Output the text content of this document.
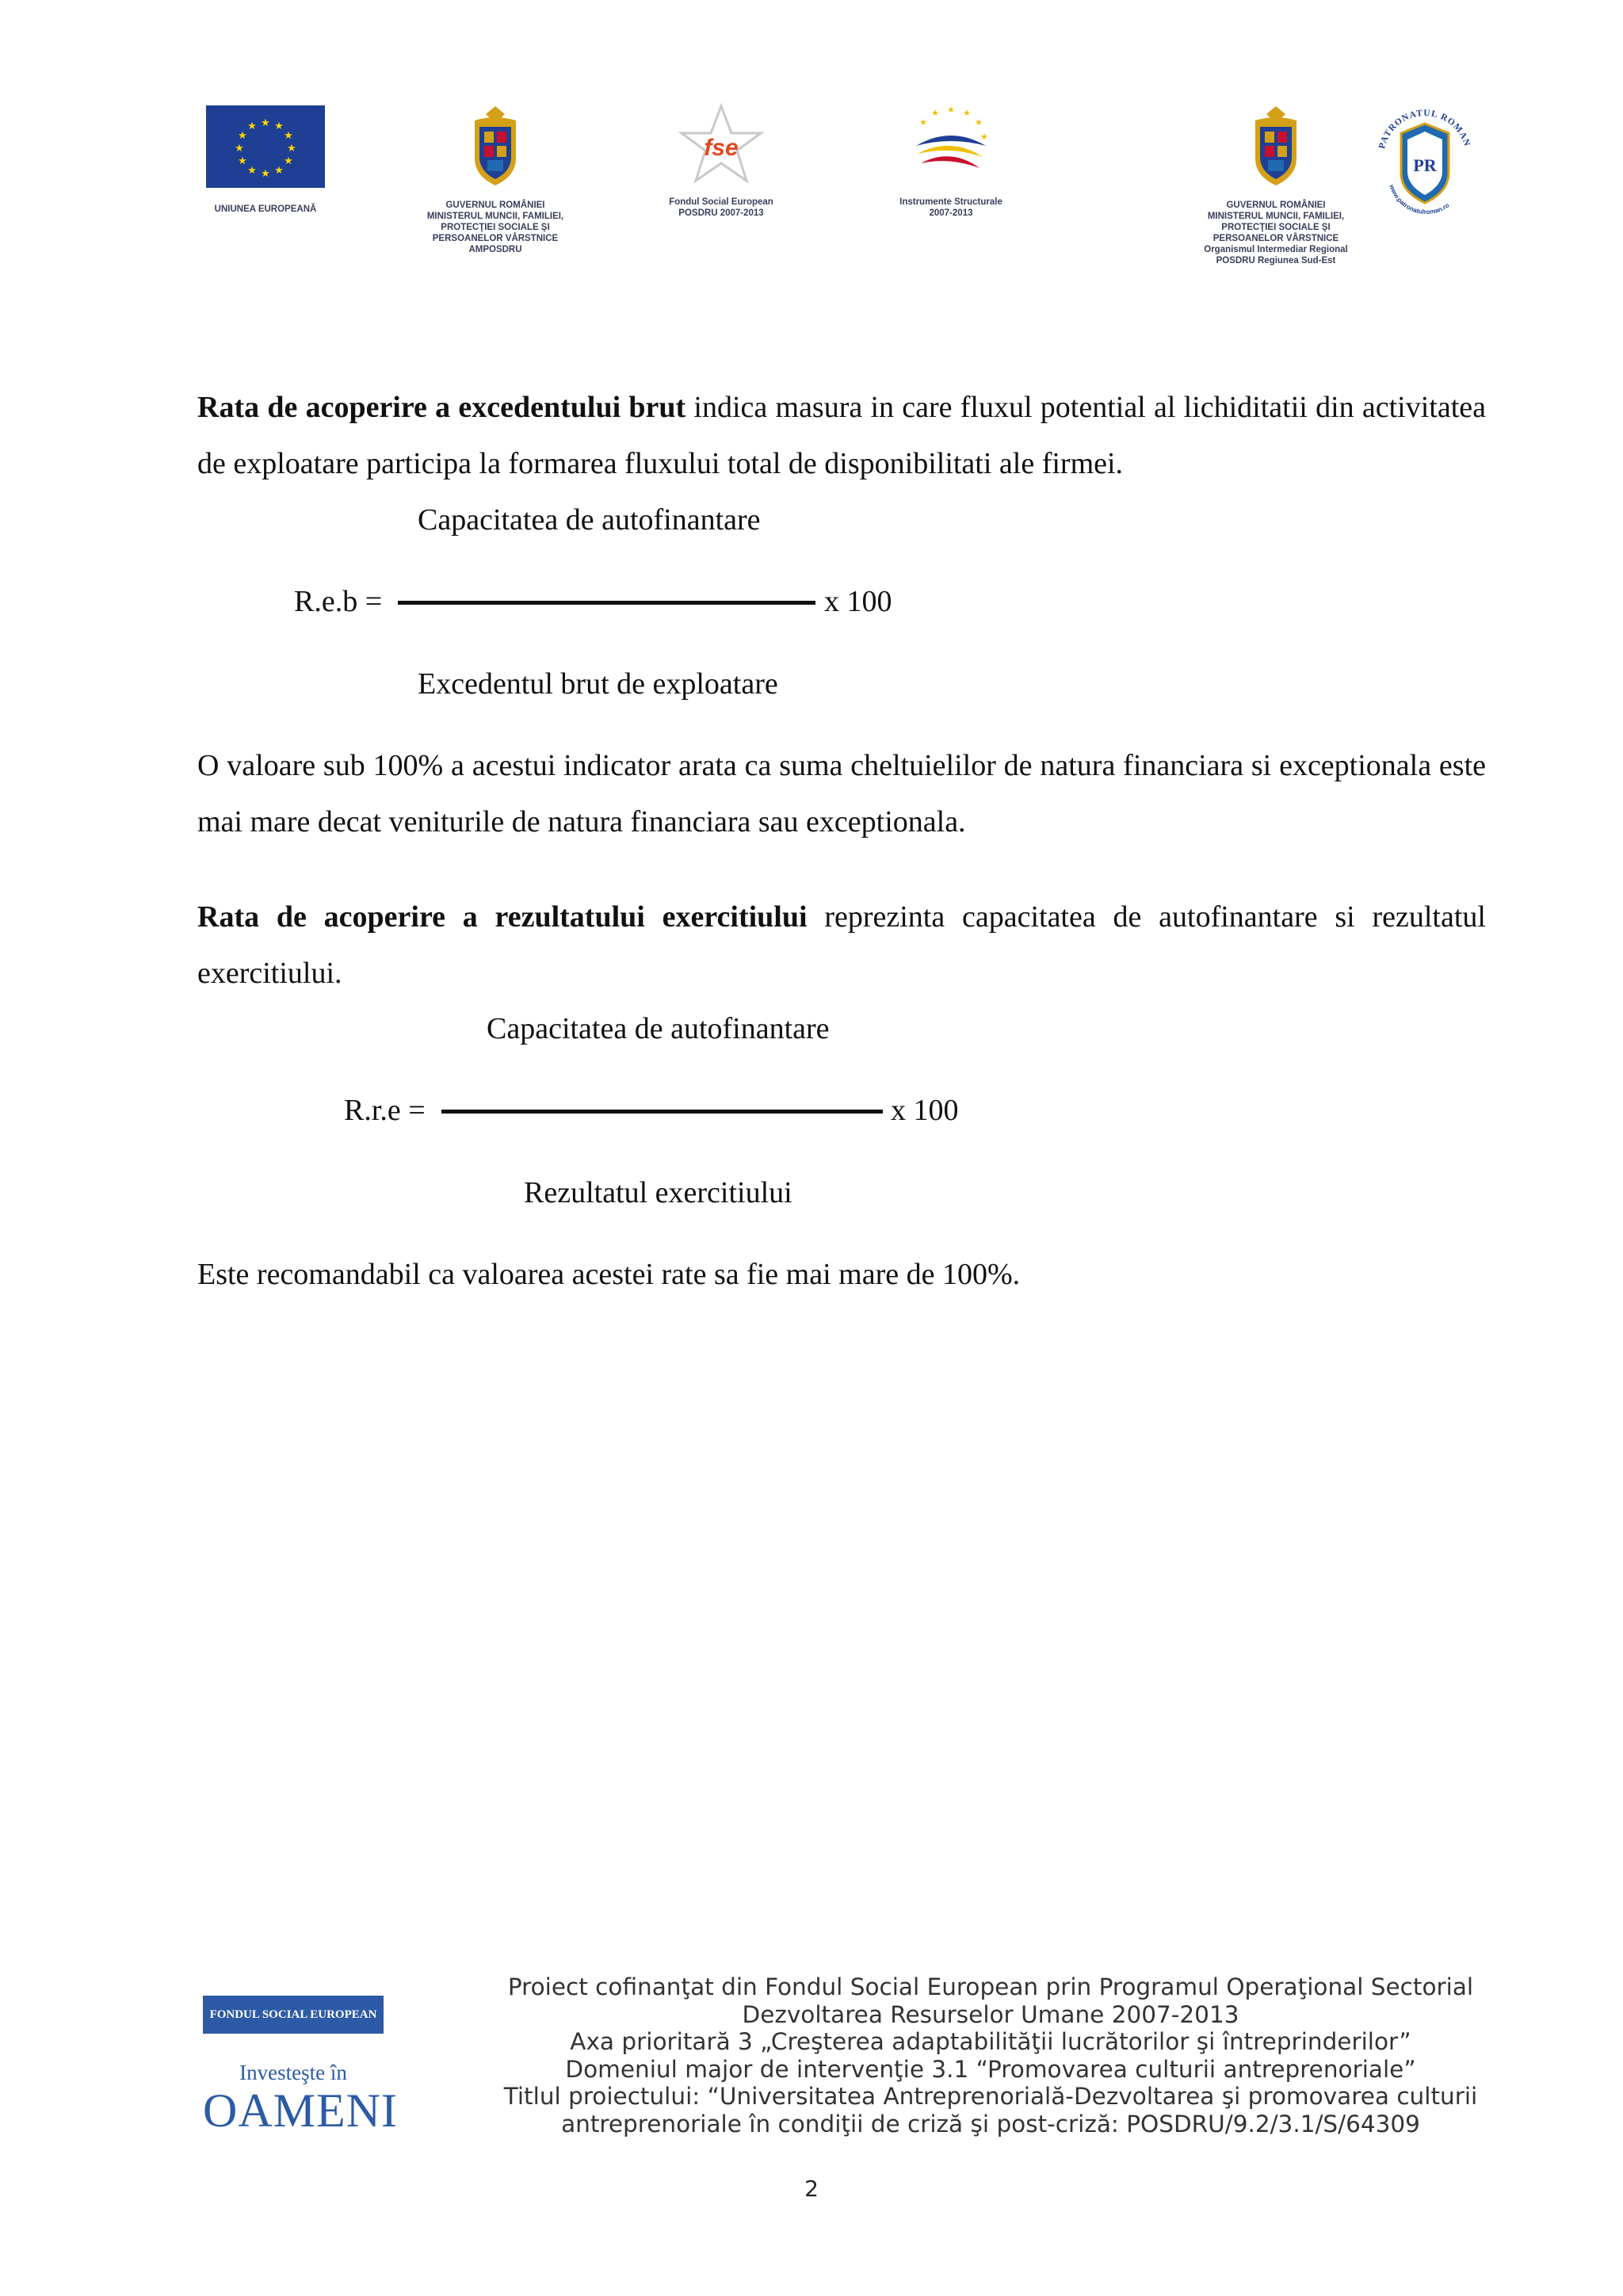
★ ★
★
★
★
★
★
★
★
★
★
★
UNIUNEA EUROPEANĂ	GUVERNUL ROMÂNIEI
MINISTERUL MUNCII, FAMILIEI,
PROTECŢIEI SOCIALE ŞI
PERSOANELOR VÂRSTNICE
AMPOSDRU
fse
Fondul Social European
POSDRU 2007-2013
★ ★
★
★
★
★
Instrumente Structurale
2007-2013
GUVERNUL ROMÂNIEI
MINISTERUL MUNCII, FAMILIEI,
PROTECŢIEI SOCIALE ŞI
PERSOANELOR VÂRSTNICE
Organismul Intermediar Regional
POSDRU Regiunea Sud-Est
PATRONATUL ROMAN
PR
www.patronatulroman.ro

Rata de acoperire a excedentului brut indica masura in care fluxul potential al lichiditatii din activitatea de exploatare participa la formarea fluxului total de disponibilitati ale firmei.

Capacitatea de autofinantare
R.e.b =	x 100
Excedentul brut de exploatare

O valoare sub 100% a acestui indicator arata ca suma cheltuielilor de natura financiara si exceptionala este mai mare decat veniturile de natura financiara sau exceptionala.

Rata de acoperire a rezultatului exercitiului reprezinta capacitatea de autofinantare si rezultatul exercitiului.

Capacitatea de autofinantare
R.r.e =	x 100
Rezultatul exercitiului

Este recomandabil ca valoarea acestei rate sa fie mai mare de 100%.

FONDUL SOCIAL EUROPEAN
Investeşte în
OAMENI
Proiect cofinanţat din Fondul Social European prin Programul Operaţional Sectorial
Dezvoltarea Resurselor Umane 2007-2013
Axa prioritară 3 „Creşterea adaptabilităţii lucrătorilor şi întreprinderilor”
Domeniul major de intervenţie 3.1 “Promovarea culturii antreprenoriale”
Titlul proiectului: “Universitatea Antreprenorială-Dezvoltarea şi promovarea culturii
antreprenoriale în condiţii de criză şi post-criză: POSDRU/9.2/3.1/S/64309
2
